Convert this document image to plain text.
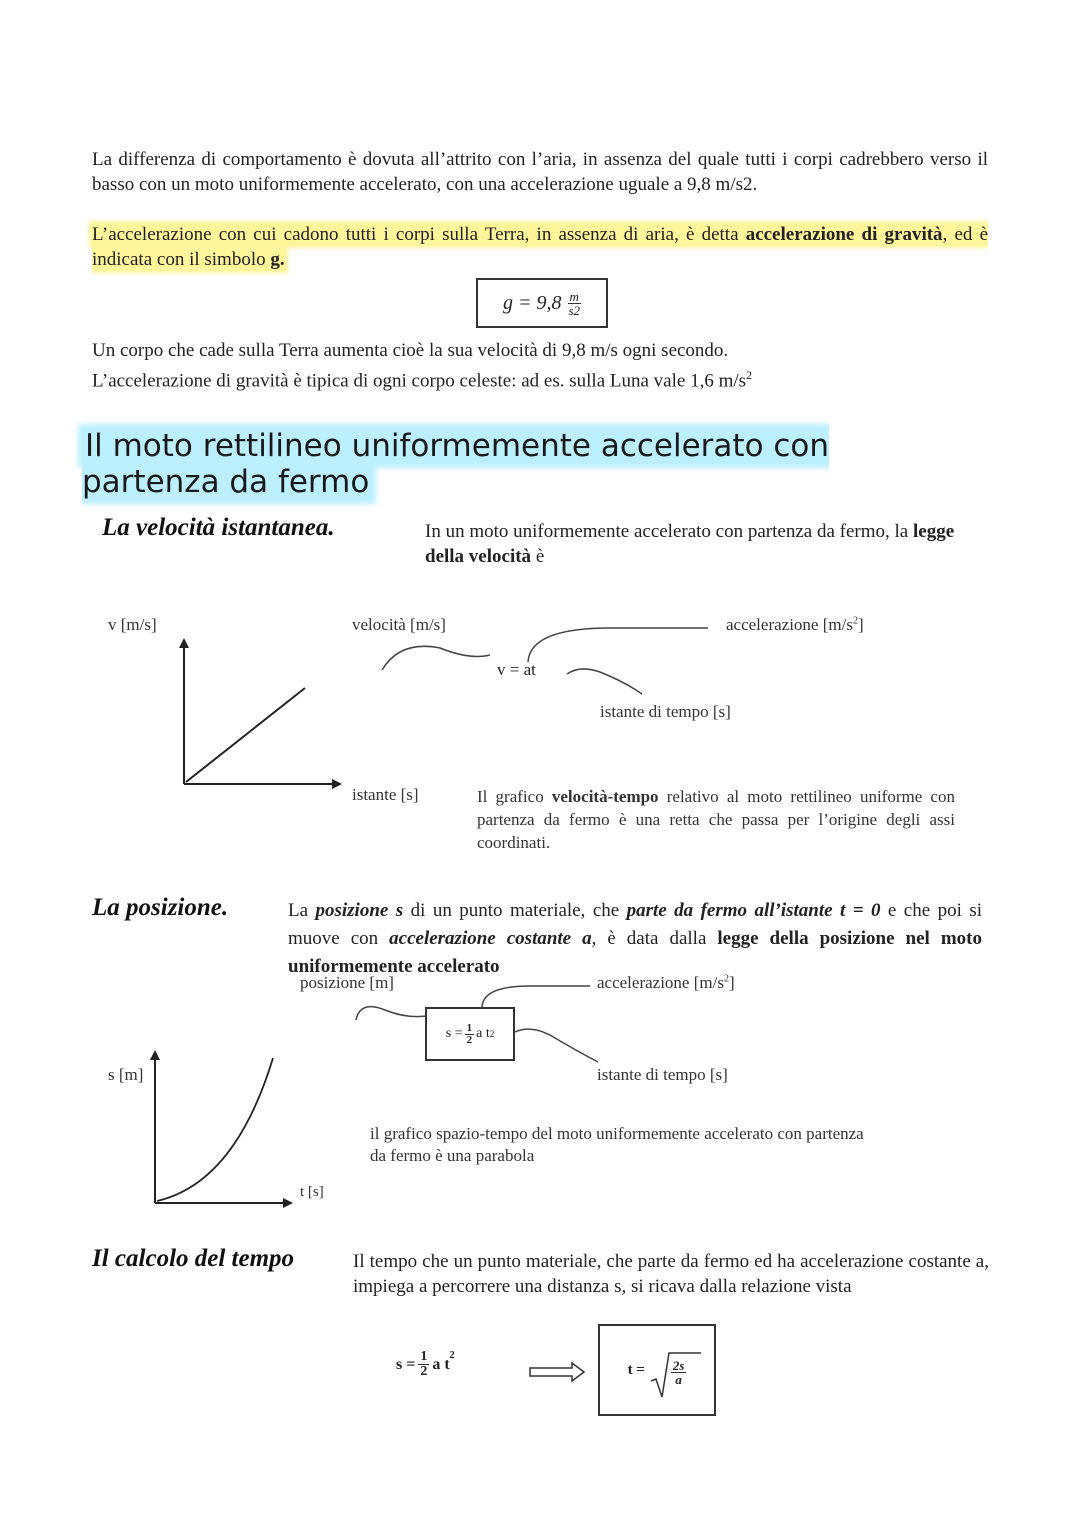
La differenza di comportamento è dovuta all’attrito con l’aria, in assenza del quale tutti i corpi cadrebbero verso il basso con un moto uniformemente accelerato, con una accelerazione uguale a 9,8 m/s2.
L’accelerazione con cui cadono tutti i corpi sulla Terra, in assenza di aria, è detta accelerazione di gravità, ed è indicata con il simbolo g.
$g = 9,8 \frac{m}{s2}$
Un corpo che cade sulla Terra aumenta cioè la sua velocità di 9,8 m/s ogni secondo.
L’accelerazione di gravità è tipica di ogni corpo celeste: ad es. sulla Luna vale 1,6 $m/s^2$
Il moto rettilineo uniformemente accelerato con partenza da fermo
La velocità istantanea.	In un moto uniformemente accelerato con partenza da fermo, la legge della velocità è
v [m/s]
istante [s]
velocità [m/s]	accelerazione $[m/s^2]$
v = at
istante di tempo [s]
Il grafico velocità-tempo relativo al moto rettilineo uniforme con partenza da fermo è una retta che passa per l’origine degli assi coordinati.
La posizione.	La posizione s di un punto materiale, che parte da fermo all’istante t = 0 e che poi si muove con accelerazione costante a, è data dalla legge della posizione nel moto uniformemente accelerato
posizione [m]	accelerazione $[m/s^2]$
$s = \frac{1}{2}$ a t 2
istante di tempo [s]
s [m]
t [s]
il grafico spazio-tempo del moto uniformemente accelerato con partenza da fermo è una parabola
Il calcolo del tempo	Il tempo che un punto materiale, che parte da fermo ed ha accelerazione costante a, impiega a percorrere una distanza s, si ricava dalla relazione vista
$s = \frac{1}{2}$ a $t^2$
$t = \frac{2s}{a}$
